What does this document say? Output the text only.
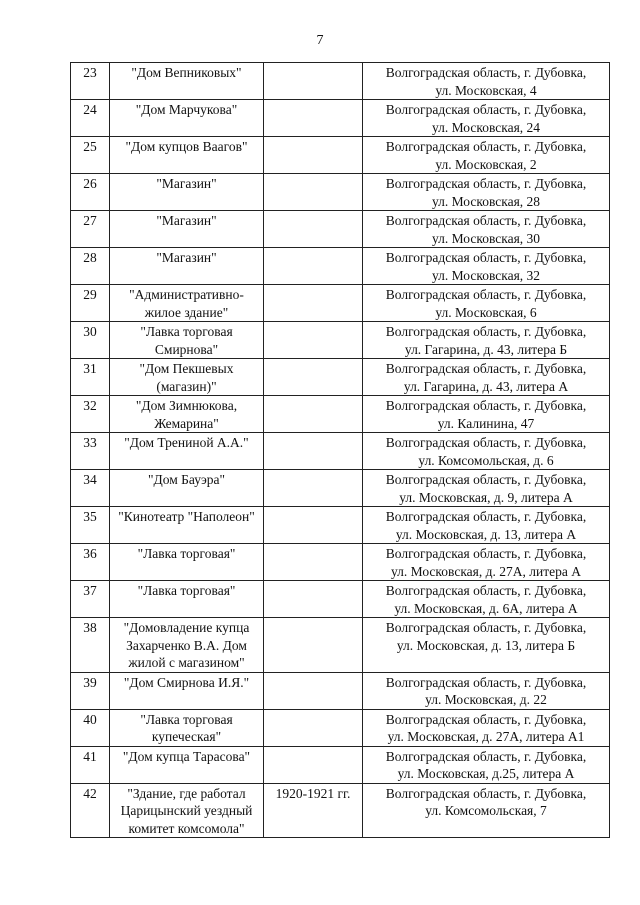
7
23	"Дом Вепниковых"		Волгоградская область, г. Дубовка,
ул. Московская, 4

24	"Дом Марчукова"		Волгоградская область, г. Дубовка,
ул. Московская, 24

25	"Дом купцов Ваагов"		Волгоградская область, г. Дубовка,
ул. Московская, 2

26	"Магазин"		Волгоградская область, г. Дубовка,
ул. Московская, 28

27	"Магазин"		Волгоградская область, г. Дубовка,
ул. Московская, 30

28	"Магазин"		Волгоградская область, г. Дубовка,
ул. Московская, 32

29	"Административно-жилое здание"		Волгоградская область, г. Дубовка,
ул. Московская, 6

30	"Лавка торговая Смирнова"		Волгоградская область, г. Дубовка,
ул. Гагарина, д. 43, литера Б

31	"Дом Пекшевых (магазин)"		Волгоградская область, г. Дубовка,
ул. Гагарина, д. 43, литера А

32	"Дом Зимнюкова, Жемарина"		Волгоградская область, г. Дубовка,
ул. Калинина, 47

33	"Дом Трениной А.А."		Волгоградская область, г. Дубовка,
ул. Комсомольская, д. 6

34	"Дом Бауэра"		Волгоградская область, г. Дубовка,
ул. Московская, д. 9, литера А

35	"Кинотеатр "Наполеон"		Волгоградская область, г. Дубовка,
ул. Московская, д. 13, литера А

36	"Лавка торговая"		Волгоградская область, г. Дубовка,
ул. Московская, д. 27А, литера А

37	"Лавка торговая"		Волгоградская область, г. Дубовка,
ул. Московская, д. 6А, литера А

38	"Домовладение купца Захарченко В.А. Дом жилой с магазином"		Волгоградская область, г. Дубовка,
ул. Московская, д. 13, литера Б

39	"Дом Смирнова И.Я."		Волгоградская область, г. Дубовка,
ул. Московская, д. 22

40	"Лавка торговая купеческая"		Волгоградская область, г. Дубовка,
ул. Московская, д. 27А, литера А1

41	"Дом купца Тарасова"		Волгоградская область, г. Дубовка,
ул. Московская, д.25, литера А

42	"Здание, где работал Царицынский уездный комитет комсомола"	1920-1921 гг.	Волгоградская область, г. Дубовка,
ул. Комсомольская, 7
